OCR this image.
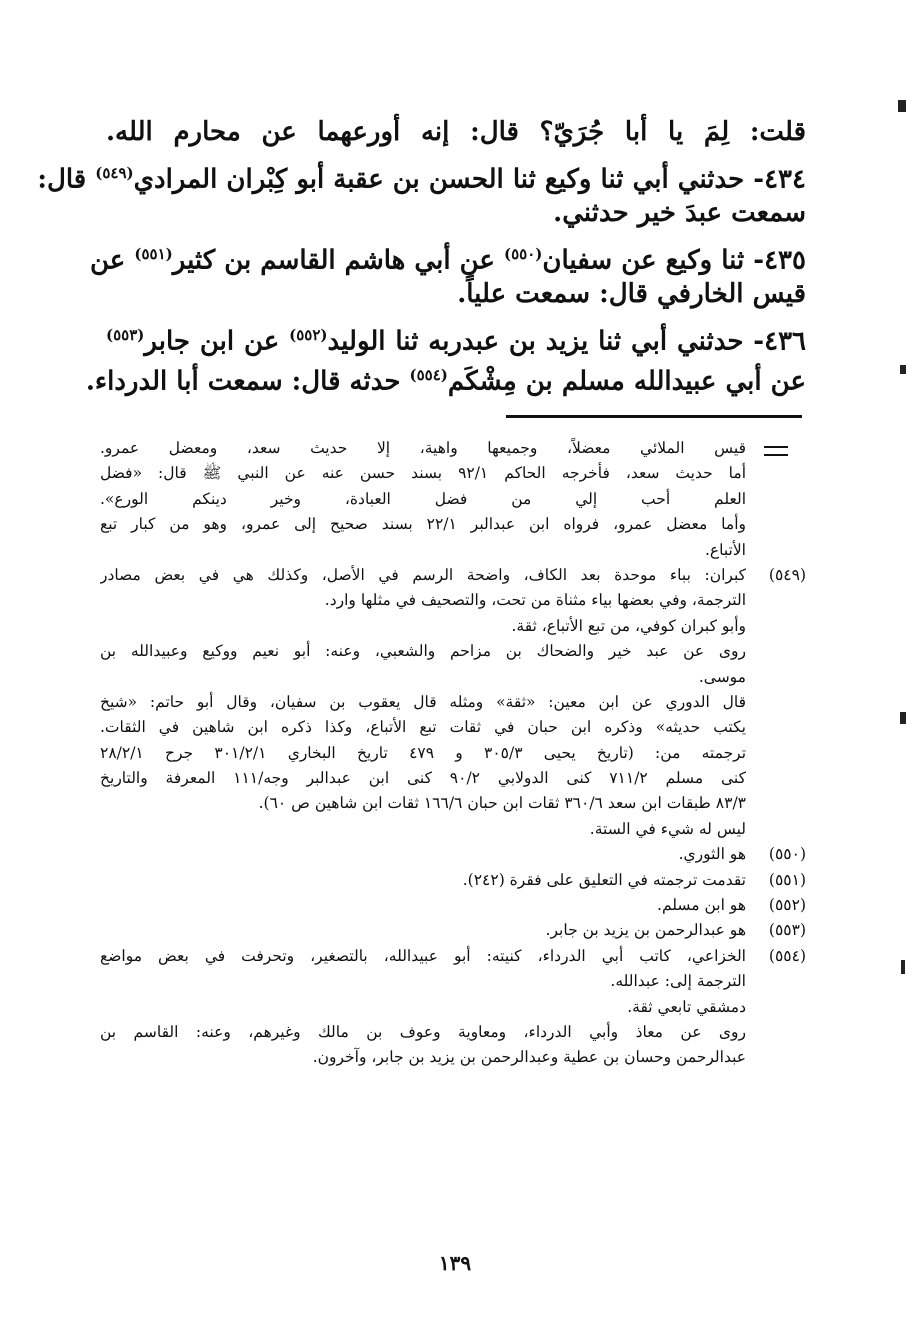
قلت: لِمَ يا أبا جُرَيّ؟ قال: إنه أورعهما عن محارم الله.
٤٣٤- حدثني أبي ثنا وكيع ثنا الحسن بن عقبة أبو كِبْران المرادي$^{(٥٤٩)}$ قال:
سمعت عبدَ خير حدثني.
٤٣٥- ثنا وكيع عن سفيان$^{(٥٥٠)}$ عن أبي هاشم القاسم بن كثير$^{(٥٥١)}$ عن
قيس الخارفي قال: سمعت علياً.
٤٣٦- حدثني أبي ثنا يزيد بن عبدربه ثنا الوليد$^{(٥٥٢)}$ عن ابن جابر$^{(٥٥٣)}$
عن أبي عبيدالله مسلم بن مِشْكَم$^{(٥٥٤)}$ حدثه قال: سمعت أبا الدرداء.
قيس الملائي معضلاً، وجميعها واهية، إلا حديث سعد، ومعضل عمرو.
أما حديث سعد، فأخرجه الحاكم ٩٢/١ بسند حسن عنه عن النبي ﷺ قال: «فضل
العلم أحب إلي من فضل العبادة، وخير دينكم الورع».
وأما معضل عمرو، فرواه ابن عبدالبر ٢٢/١ بسند صحيح إلى عمرو، وهو من كبار تبع
الأتباع.
(٥٤٩)
كبران: بباء موحدة بعد الكاف، واضحة الرسم في الأصل، وكذلك هي في بعض مصادر
الترجمة، وفي بعضها بياء مثناة من تحت، والتصحيف في مثلها وارد.
وأبو كبران كوفي، من تبع الأتباع، ثقة.
روى عن عبد خير والضحاك بن مزاحم والشعبي، وعنه: أبو نعيم ووكيع وعبيدالله بن
موسى.
قال الدوري عن ابن معين: «ثقة» ومثله قال يعقوب بن سفيان، وقال أبو حاتم: «شيخ
يكتب حديثه» وذكره ابن حبان في ثقات تبع الأتباع، وكذا ذكره ابن شاهين في الثقات.
ترجمته من: (تاريخ يحيى ٣٠٥/٣ و ٤٧٩ تاريخ البخاري ٣٠١/٢/١ جرح ٢٨/٢/١
كنى مسلم ٧١١/٢ كنى الدولابي ٩٠/٢ كنى ابن عبدالبر وجه/١١١ المعرفة والتاريخ
٨٣/٣ طبقات ابن سعد ٣٦٠/٦ ثقات ابن حبان ١٦٦/٦ ثقات ابن شاهين ص ٦٠).
ليس له شيء في الستة.
(٥٥٠)
هو الثوري.
(٥٥١)
تقدمت ترجمته في التعليق على فقرة (٢٤٢).
(٥٥٢)
هو ابن مسلم.
(٥٥٣)
هو عبدالرحمن بن يزيد بن جابر.
(٥٥٤)
الخزاعي، كاتب أبي الدرداء، كنيته: أبو عبيدالله، بالتصغير، وتحرفت في بعض مواضع
الترجمة إلى: عبدالله.
دمشقي تابعي ثقة.
روى عن معاذ وأبي الدرداء، ومعاوية وعوف بن مالك وغيرهم، وعنه: القاسم بن
عبدالرحمن وحسان بن عطية وعبدالرحمن بن يزيد بن جابر، وآخرون.
١٣٩
